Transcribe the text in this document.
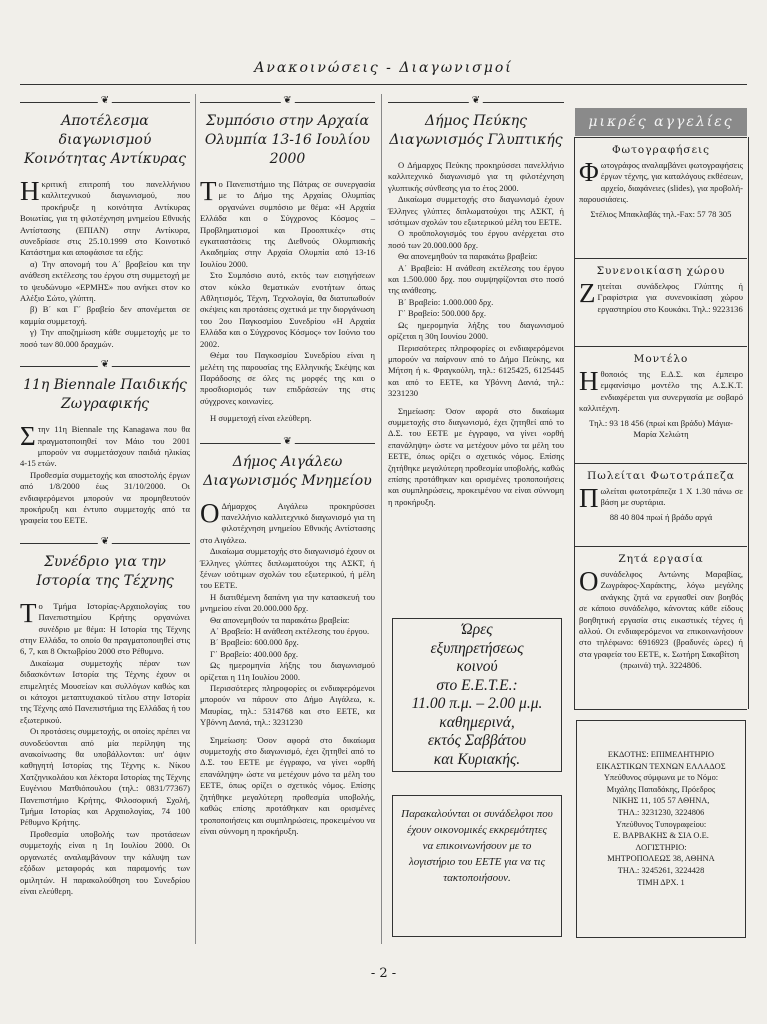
Ανακοινώσεις - Διαγωνισμοί
❦
Αποτέλεσμα διαγωνισμού Κοινότητας Αντίκυρας

Ηκριτική επιτροπή του πανελλήνιου καλλιτεχνικού διαγωνισμού, που προκήρυξε η κοινότητα Αντίκυρας Βοιωτίας, για τη φιλοτέχνηση μνημείου Εθνικής Αντίστασης (ΕΠΙΑΝ) στην Αντίκυρα, συνεδρίασε στις 25.10.1999 στο Κοινοτικό Κατάστημα και αποφάσισε τα εξής:

α) Την απονομή του Α΄ βραβείου και την ανάθεση εκτέλεσης του έργου στη συμμετοχή με το ψευδώνυμο «ΕΡΜΗΣ» που ανήκει στον κο Αλέξιο Σώτο, γλύπτη.

β) Β΄ και Γ΄ βραβείο δεν απονέμεται σε καμμία συμμετοχή.

γ) Την αποζημίωση κάθε συμμετοχής με το ποσό των 80.000 δραχμών.

❦
11η Biennale Παιδικής Ζωγραφικής

Στην 11η Biennale της Kanagawa που θα πραγματοποιηθεί τον Μάιο του 2001 μπορούν να συμμετάσχουν παιδιά ηλικίας 4-15 ετών.

Προθεσμία συμμετοχής και αποστολής έργων από 1/8/2000 έως 31/10/2000. Οι ενδιαφερόμενοι μπορούν να προμηθευτούν προκήρυξη και έντυπο συμμετοχής από τα γραφεία του ΕΕΤΕ.

❦
Συνέδριο για την Ιστορία της Τέχνης

Το Τμήμα Ιστορίας-Αρχαιολογίας του Πανεπιστημίου Κρήτης οργανώνει συνέδριο με θέμα: Η Ιστορία της Τέχνης στην Ελλάδα, το οποίο θα πραγματοποιηθεί στις 6, 7, και 8 Οκτωβρίου 2000 στο Ρέθυμνο.

Δικαίωμα συμμετοχής πέραν των διδασκόντων Ιστορία της Τέχνης έχουν οι επιμελητές Μουσείων και συλλόγων καθώς και οι κάτοχοι μεταπτυχιακού τίτλου στην Ιστορία της Τέχνης από Πανεπιστήμια της Ελλάδας ή του εξωτερικού.

Οι προτάσεις συμμετοχής, οι οποίες πρέπει να συνοδεύονται από μία περίληψη της ανακοίνωσης θα υποβάλλονται: υπ' όψιν καθηγητή Ιστορίας της Τέχνης κ. Νίκου Χατζηνικολάου και λέκτορα Ιστορίας της Τέχνης Ευγένιου Ματθιόπουλου (τηλ.: 0831/77367) Πανεπιστήμιο Κρήτης, Φιλοσοφική Σχολή, Τμήμα Ιστορίας και Αρχαιολογίας, 74 100 Ρέθυμνο Κρήτης.

Προθεσμία υποβολής των προτάσεων συμμετοχής είναι η 1η Ιουλίου 2000. Οι οργανωτές αναλαμβάνουν την κάλυψη των εξόδων μεταφοράς και παραμονής των ομιλητών. Η παρακολούθηση του Συνεδρίου είναι ελεύθερη.

❦
Συμπόσιο στην Αρχαία Ολυμπία 13-16 Ιουλίου 2000

Το Πανεπιστήμιο της Πάτρας σε συνεργασία με το Δήμο της Αρχαίας Ολυμπίας οργανώνει συμπόσιο με θέμα: «Η Αρχαία Ελλάδα και ο Σύγχρονος Κόσμος – Προβληματισμοί και Προοπτικές» στις εγκαταστάσεις της Διεθνούς Ολυμπιακής Ακαδημίας στην Αρχαία Ολυμπία από 13-16 Ιουλίου 2000.

Στο Συμπόσιο αυτό, εκτός των εισηγήσεων στον κύκλο θεματικών ενοτήτων όπως Αθλητισμός, Τέχνη, Τεχνολογία, θα διατυπωθούν σκέψεις και προτάσεις σχετικά με την διοργάνωση του 2ου Παγκοσμίου Συνεδρίου «Η Αρχαία Ελλάδα και ο Σύγχρονος Κόσμος» τον Ιούνιο του 2002.

Θέμα του Παγκοσμίου Συνεδρίου είναι η μελέτη της παρουσίας της Ελληνικής Σκέψης και Παράδοσης σε όλες τις μορφές της και ο προσδιορισμός των επιδράσεών της στις σύγχρονες κοινωνίες.

Η συμμετοχή είναι ελεύθερη.

❦
Δήμος Αιγάλεω Διαγωνισμός Μνημείου

ΟΔήμαρχος Αιγάλεω προκηρύσσει πανελλήνιο καλλιτεχνικό διαγωνισμό για τη φιλοτέχνηση μνημείου Εθνικής Αντίστασης στο Αιγάλεω.

Δικαίωμα συμμετοχής στο διαγωνισμό έχουν οι Έλληνες γλύπτες διπλωματούχοι της ΑΣΚΤ, ή ξένων ισότιμων σχολών του εξωτερικού, ή μέλη του ΕΕΤΕ.

Η διατιθέμενη δαπάνη για την κατασκευή του μνημείου είναι 20.000.000 δρχ.

Θα απονεμηθούν τα παρακάτω βραβεία:

Α΄ Βραβείο: Η ανάθεση εκτέλεσης του έργου.

Β΄ Βραβείο: 600.000 δρχ.

Γ΄ Βραβείο: 400.000 δρχ.

Ως ημερομηνία λήξης του διαγωνισμού ορίζεται η 11η Ιουλίου 2000.

Περισσότερες πληροφορίες οι ενδιαφερόμενοι μπορούν να πάρουν στο Δήμο Αιγάλεω, κ. Μαυρίας, τηλ.: 5314768 και στο ΕΕΤΕ, κα Υβόννη Δανιά, τηλ.: 3231230

Σημείωση: Όσον αφορά στο δικαίωμα συμμετοχής στο διαγωνισμό, έχει ζητηθεί από το Δ.Σ. του ΕΕΤΕ με έγγραφο, να γίνει «ορθή επανάληψη» ώστε να μετέχουν μόνο τα μέλη του ΕΕΤΕ, όπως ορίζει ο σχετικός νόμος. Επίσης ζητήθηκε μεγαλύτερη προθεσμία υποβολής, καθώς επίσης προτάθηκαν και ορισμένες τροποποιήσεις και συμπληρώσεις, προκειμένου να είναι σύννομη η προκήρυξη.

❦
Δήμος Πεύκης Διαγωνισμός Γλυπτικής

Ο Δήμαρχος Πεύκης προκηρύσσει πανελλήνιο καλλιτεχνικό διαγωνισμό για τη φιλοτέχνηση γλυπτικής σύνθεσης για το έτος 2000.

Δικαίωμα συμμετοχής στο διαγωνισμό έχουν Έλληνες γλύπτες διπλωματούχοι της ΑΣΚΤ, ή ισότιμων σχολών του εξωτερικού μέλη του ΕΕΤΕ.

Ο προϋπολογισμός του έργου ανέρχεται στο ποσό των 20.000.000 δρχ.

Θα απονεμηθούν τα παρακάτω βραβεία:

Α΄ Βραβείο: Η ανάθεση εκτέλεσης του έργου και 1.500.000 δρχ. που συμψηφίζονται στο ποσό της ανάθεσης.

Β΄ Βραβείο: 1.000.000 δρχ.

Γ΄ Βραβείο: 500.000 δρχ.

Ως ημερομηνία λήξης του διαγωνισμού ορίζεται η 30η Ιουνίου 2000.

Περισσότερες πληροφορίες οι ενδιαφερόμενοι μπορούν να παίρνουν από το Δήμο Πεύκης, κα Μήτση ή κ. Φραγκούλη, τηλ.: 6125425, 6125445 και από το ΕΕΤΕ, κα Υβόννη Δανιά, τηλ.: 3231230

Σημείωση: Όσον αφορά στο δικαίωμα συμμετοχής στο διαγωνισμό, έχει ζητηθεί από το Δ.Σ. του ΕΕΤΕ με έγγραφο, να γίνει «ορθή επανάληψη» ώστε να μετέχουν μόνο τα μέλη του ΕΕΤΕ, όπως ορίζει ο σχετικός νόμος. Επίσης ζητήθηκε μεγαλύτερη προθεσμία υποβολής, καθώς επίσης προτάθηκαν και ορισμένες τροποποιήσεις και συμπληρώσεις, προκειμένου να είναι σύννομη η προκήρυξη.

Ώρες
εξυπηρετήσεως
κοινού
στο Ε.Ε.Τ.Ε.:
11.00 π.μ. – 2.00 μ.μ.
καθημερινά,
εκτός Σαββάτου
και Κυριακής.
Παρακαλούνται οι συνάδελφοι που έχουν οικονομικές εκκρεμότητες να επικοινωνήσουν με το λογιστήριο του ΕΕΤΕ για να τις τακτοποιήσουν.
μικρές αγγελίες
Φωτογραφήσεις

Φωτογράφος αναλαμβάνει φωτογραφήσεις έργων τέχνης, για καταλόγους εκθέσεων, αρχείο, διαφάνειες (slides), για προβολή-παρουσιάσεις.

Στέλιος Μπακλαβάς τηλ.-Fax: 57 78 305

Συνενοικίαση χώρου

Ζητείται συνάδελφος Γλύπτης ή Γραφίστρια για συνενοικίαση χώρου εργαστηρίου στο Κουκάκι. Τηλ.: 9223136

Μοντέλο

Ηθοποιός της Ε.Δ.Σ. και έμπειρο εμφανίσιμο μοντέλο της Α.Σ.Κ.Τ. ενδιαφέρεται για συνεργασία με σοβαρό καλλιτέχνη.

Τηλ.: 93 18 456 (πρωί και βράδυ) Μάγια-Μαρία Χελιώτη

Πωλείται Φωτοτράπεζα

Πωλείται φωτοτράπεζα 1 Χ 1.30 πάνω σε βάση με συρτάρια.

88 40 804 πρωί ή βράδυ αργά

Ζητά εργασία

Οσυνάδελφος Αντώνης Μαραβίας, Ζωγράφος-Χαράκτης, λόγω μεγάλης ανάγκης ζητά να εργασθεί σαν βοηθός σε κάποιο συνάδελφο, κάνοντας κάθε είδους βοηθητική εργασία στις εικαστικές τέχνες ή αλλού. Οι ενδιαφερόμενοι να επικοινωνήσουν στο τηλέφωνο: 6916923 (βραδυνές ώρες) ή στα γραφεία του ΕΕΤΕ, κ. Σωτήρη Σακαβίτση

(πρωινά) τηλ. 3224806.

ΕΚΔΟΤΗΣ: ΕΠΙΜΕΛΗΤΗΡΙΟ
ΕΙΚΑΣΤΙΚΩΝ ΤΕΧΝΩΝ ΕΛΛΑΔΟΣ
Υπεύθυνος σύμφωνα με το Νόμο:
Μιχάλης Παπαδάκης, Πρόεδρος
ΝΙΚΗΣ 11, 105 57 ΑΘΗΝΑ,
ΤΗΛ.: 3231230, 3224806
Υπεύθυνος Τυπογραφείου:
Ε. ΒΑΡΒΑΚΗΣ & ΣΙΑ Ο.Ε.
ΛΟΓΙΣΤΗΡΙΟ:
ΜΗΤΡΟΠΟΛΕΩΣ 38, ΑΘΗΝΑ
ΤΗΛ.: 3245261, 3224428
ΤΙΜΗ ΔΡΧ. 1
- 2 -
